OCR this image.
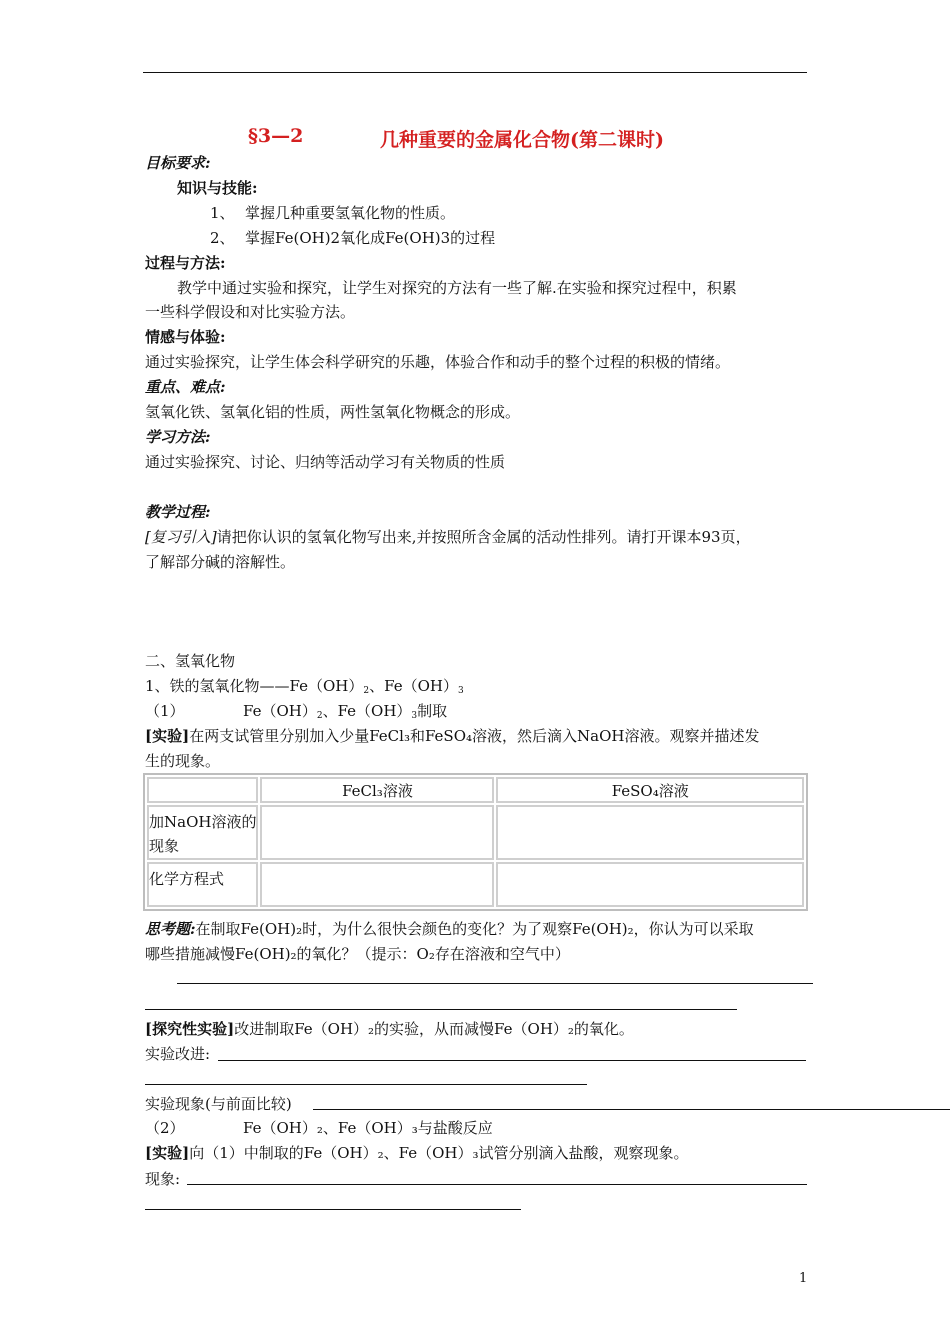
§3—2	几种重要的金属化合物(第二课时)
目标要求:
知识与技能:
1、 掌握几种重要氢氧化物的性质。
2、 掌握Fe(OH)2氧化成Fe(OH)3的过程
过程与方法:
教学中通过实验和探究，让学生对探究的方法有一些了解.在实验和探究过程中，积累
一些科学假设和对比实验方法。
情感与体验:
通过实验探究，让学生体会科学研究的乐趣，体验合作和动手的整个过程的积极的情绪。
重点、难点:
氢氧化铁、氢氧化铝的性质，两性氢氧化物概念的形成。
学习方法:
通过实验探究、讨论、归纳等活动学习有关物质的性质
教学过程:
[复习引入]请把你认识的氢氧化物写出来,并按照所含金属的活动性排列。请打开课本93页，
了解部分碱的溶解性。
二、氢氧化物
1、铁的氢氧化物$——Fe(OH)_2$、$Fe(OH)_3$
（1）	$Fe(OH)_2$、$Fe(OH)_3$制取
[实验]在两支试管里分别加入少量FeCl₃和FeSO₄溶液，然后滴入NaOH溶液。观察并描述发
生的现象。
	FeCl₃溶液	FeSO₄溶液

加NaOH溶液的
现象		

化学方程式		
思考题:在制取Fe(OH)₂时，为什么很快会颜色的变化？为了观察Fe(OH)₂，你认为可以采取
哪些措施减慢Fe(OH)₂的氧化？（提示：O₂存在溶液和空气中）
[探究性实验]改进制取Fe（OH）₂的实验，从而减慢Fe（OH）₂的氧化。
实验改进:
实验现象(与前面比较)
（2）	Fe（OH）₂、Fe（OH）₃与盐酸反应
[实验]向（1）中制取的Fe（OH）₂、Fe（OH）₃试管分别滴入盐酸，观察现象。
现象:
1
